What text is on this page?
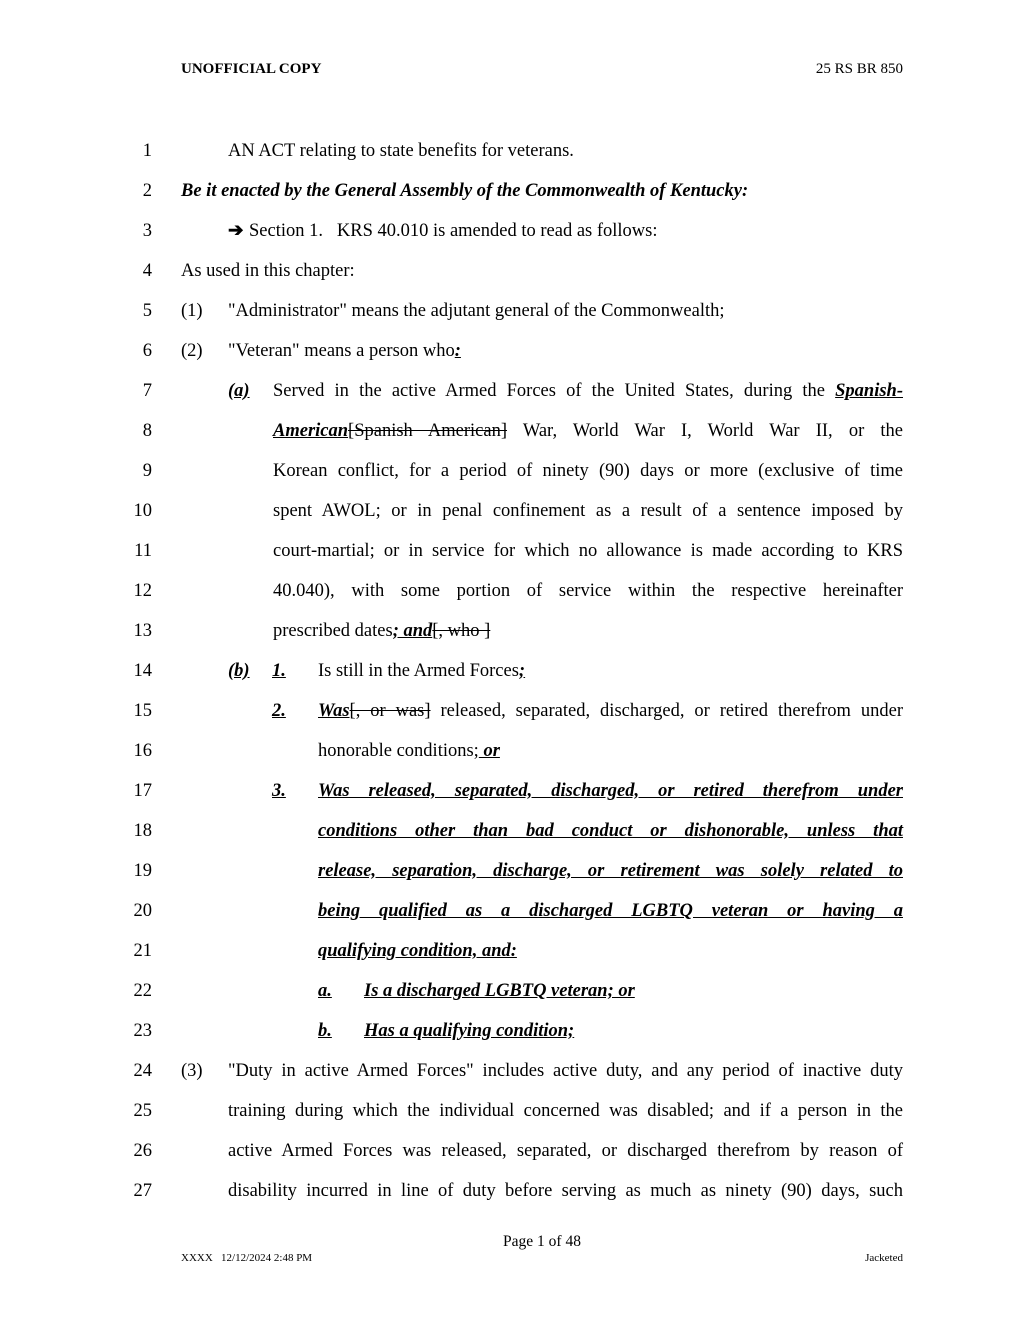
UNOFFICIAL COPY	25 RS BR 850
1	AN ACT relating to state benefits for veterans.
2 Be it enacted by the General Assembly of the Commonwealth of Kentucky:
3	➔ Section 1.   KRS 40.010 is amended to read as follows:
4 As used in this chapter:
5 (1) "Administrator" means the adjutant general of the Commonwealth;
6 (2) "Veteran" means a person who:
7	(a) Served in the active Armed Forces of the United States, during the Spanish-
8	American[Spanish American] War, World War I, World War II, or the
9	Korean conflict, for a period of ninety (90) days or more (exclusive of time
10	spent AWOL; or in penal confinement as a result of a sentence imposed by
11	court-martial; or in service for which no allowance is made according to KRS
12	40.040), with some portion of service within the respective hereinafter
13	prescribed dates; and[, who ]
14	(b) 1. Is still in the Armed Forces;
15	2. Was[, or was] released, separated, discharged, or retired therefrom under
16	honorable conditions; or
17	3. Was released, separated, discharged, or retired therefrom under
18	conditions other than bad conduct or dishonorable, unless that
19	release, separation, discharge, or retirement was solely related to
20	being qualified as a discharged LGBTQ veteran or having a
21	qualifying condition, and:
22	a. Is a discharged LGBTQ veteran; or
23	b. Has a qualifying condition;
24 (3) "Duty in active Armed Forces" includes active duty, and any period of inactive duty
25	training during which the individual concerned was disabled; and if a person in the
26	active Armed Forces was released, separated, or discharged therefrom by reason of
27	disability incurred in line of duty before serving as much as ninety (90) days, such
Page 1 of 48
XXXX   12/12/2024 2:48 PM	Jacketed
